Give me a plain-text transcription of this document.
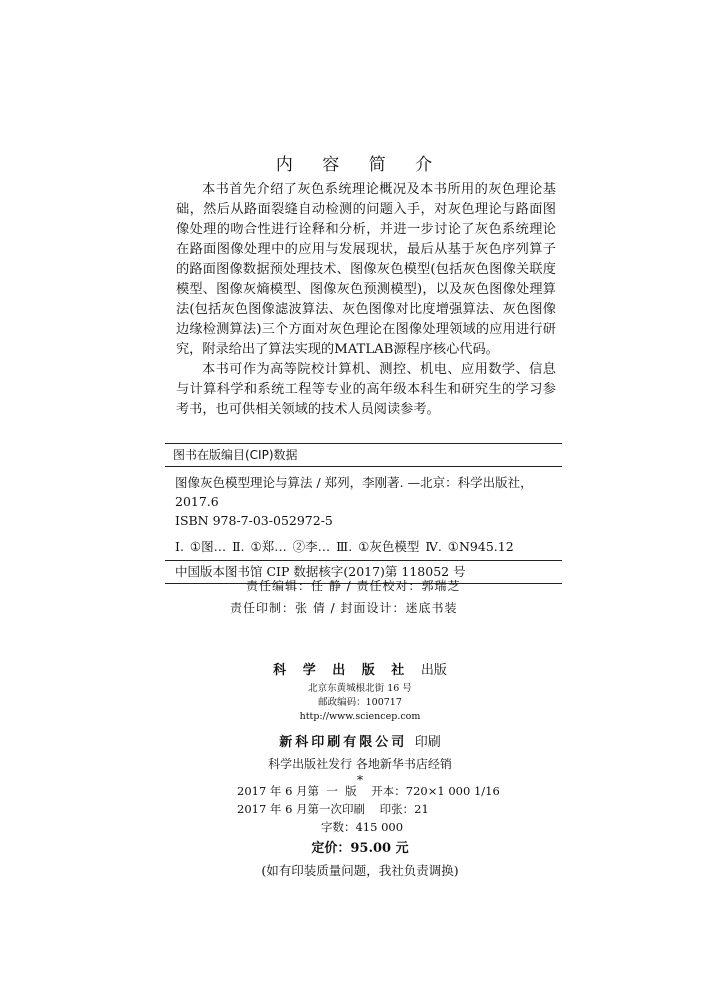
内 容 简 介

本书首先介绍了灰色系统理论概况及本书所用的灰色理论基础，然后从路面裂缝自动检测的问题入手，对灰色理论与路面图像处理的吻合性进行诠释和分析，并进一步讨论了灰色系统理论在路面图像处理中的应用与发展现状，最后从基于灰色序列算子的路面图像数据预处理技术、图像灰色模型(包括灰色图像关联度模型、图像灰熵模型、图像灰色预测模型)，以及灰色图像处理算法(包括灰色图像滤波算法、灰色图像对比度增强算法、灰色图像边缘检测算法)三个方面对灰色理论在图像处理领域的应用进行研究，附录给出了算法实现的MATLAB源程序核心代码。

本书可作为高等院校计算机、测控、机电、应用数学、信息与计算科学和系统工程等专业的高年级本科生和研究生的学习参考书，也可供相关领域的技术人员阅读参考。

图书在版编目(CIP)数据
图像灰色模型理论与算法 / 郑列，李刚著. —北京：科学出版社，2017.6
ISBN 978-7-03-052972-5
Ⅰ. ①图… Ⅱ. ①郑… ②李… Ⅲ. ①灰色模型 Ⅳ. ①N945.12
中国版本图书馆 CIP 数据核字(2017)第 118052 号
责任编辑：任 静 / 责任校对：郭瑞芝
责任印制：张 倩 / 封面设计：迷底书装
科 学 出 版 社 出版
北京东黄城根北街 16 号
邮政编码：100717
http://www.sciencep.com
新科印刷有限公司 印刷
科学出版社发行 各地新华书店经销
*
2017 年 6 月第  一  版    开本：720×1 000 1/16
2017 年 6 月第一次印刷    印张：21
字数：415 000
定价：95.00 元
(如有印装质量问题，我社负责调换)
